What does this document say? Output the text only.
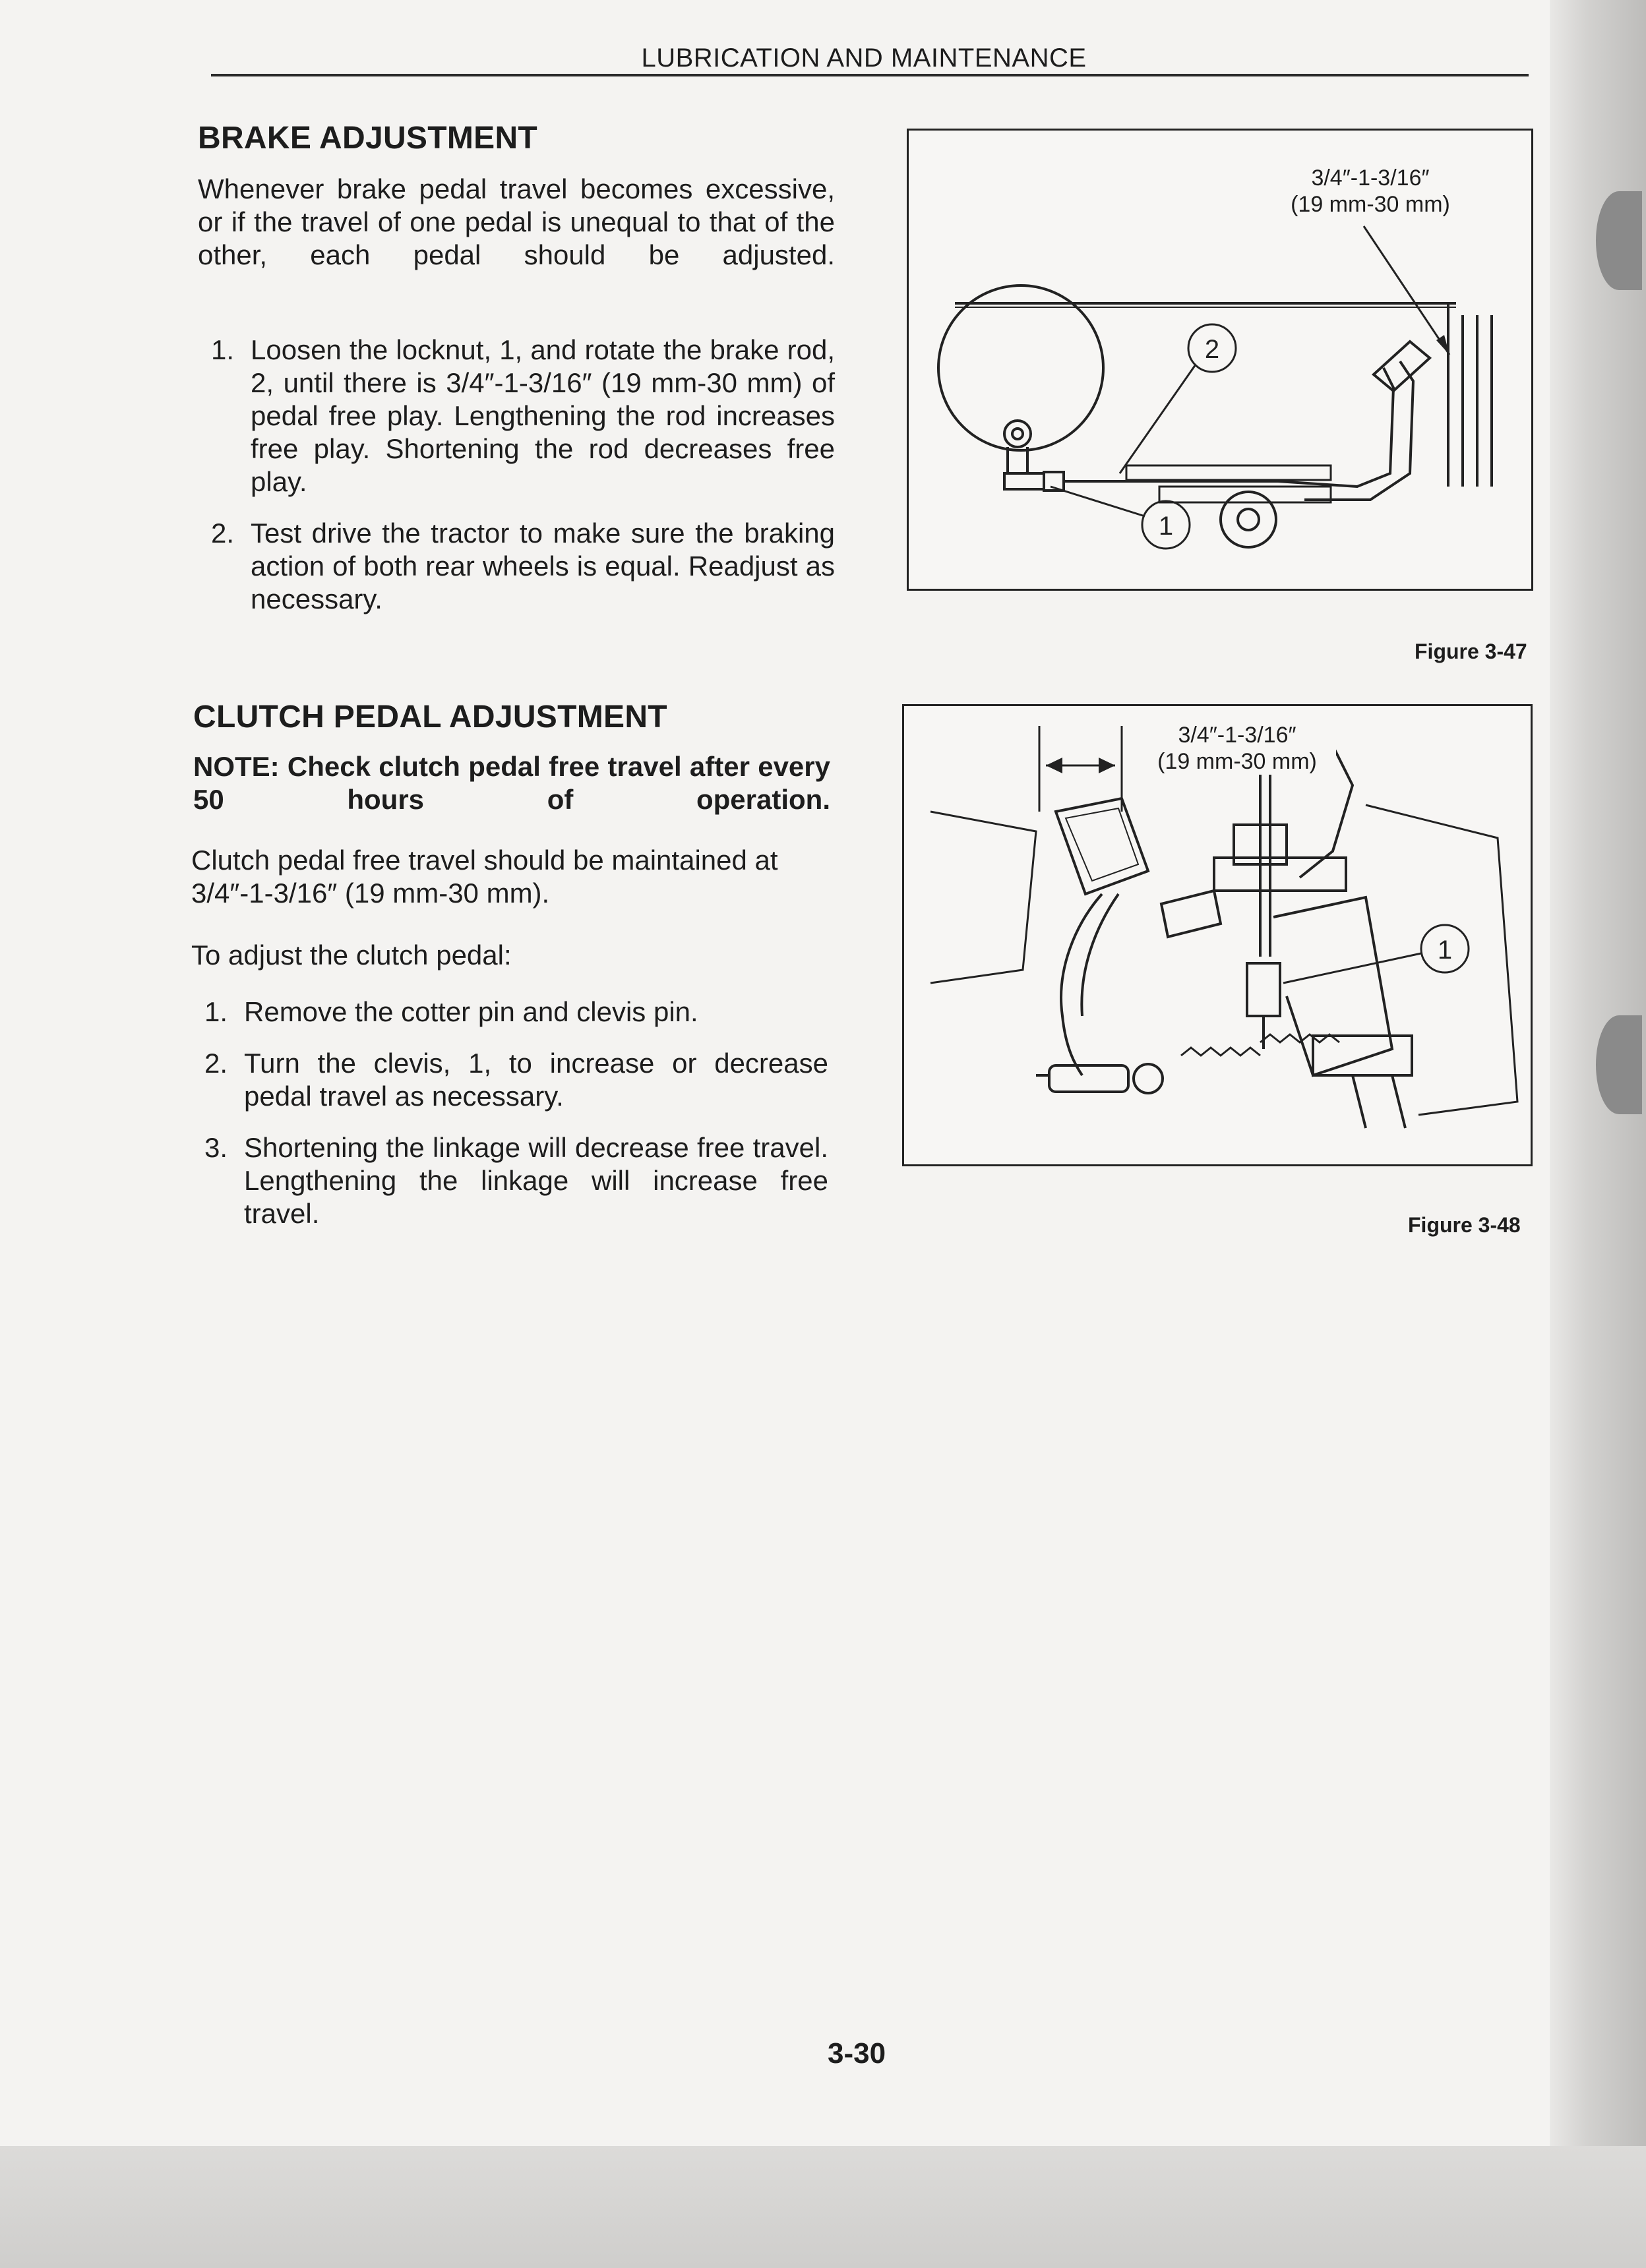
LUBRICATION AND MAINTENANCE
BRAKE ADJUSTMENT
Whenever brake pedal travel becomes excessive, or if the travel of one pedal is unequal to that of the other, each pedal should be adjusted.
1. Loosen the locknut, 1, and rotate the brake rod, 2, until there is 3/4″-1-3/16″ (19 mm-30 mm) of pedal free play. Lengthening the rod increases free play. Shortening the rod decreases free play.
2. Test drive the tractor to make sure the braking action of both rear wheels is equal. Readjust as necessary.
CLUTCH PEDAL ADJUSTMENT
NOTE: Check clutch pedal free travel after every 50 hours of operation.
Clutch pedal free travel should be maintained at 3/4″-1-3/16″ (19 mm-30 mm).
To adjust the clutch pedal:
1. Remove the cotter pin and clevis pin.
2. Turn the clevis, 1, to increase or decrease pedal travel as necessary.
3. Shortening the linkage will decrease free travel. Lengthening the linkage will increase free travel.
2
1
3/4″-1-3/16″
(19 mm-30 mm)
Figure 3-47
1
3/4″-1-3/16″
(19 mm-30 mm)
Figure 3-48
3-30
